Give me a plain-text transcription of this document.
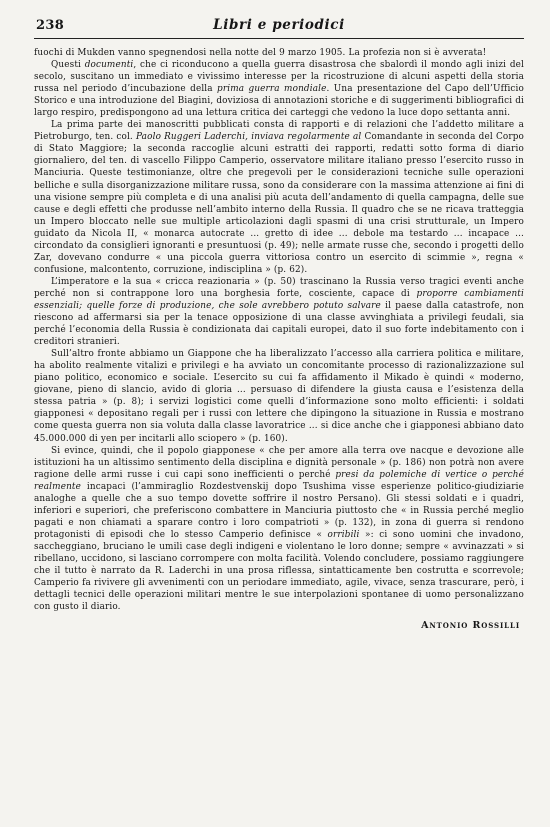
238	Libri e periodici

fuochi di Mukden vanno spegnendosi nella notte del 9 marzo 1905. La profezia non si è avverata!

Questi documenti, che ci riconducono a quella guerra disastrosa che sbalordì il mondo agli inizi del secolo, suscitano un immediato e vivissimo interesse per la ricostruzione di alcuni aspetti della storia russa nel periodo d’incubazione della prima guerra mondiale. Una presentazione del Capo dell’Ufficio Storico e una introduzione del Biagini, doviziosa di annotazioni storiche e di suggerimenti bibliografici di largo respiro, predispongono ad una lettura critica dei carteggi che vedono la luce dopo settanta anni.

La prima parte dei manoscritti pubblicati consta di rapporti e di relazioni che l’addetto militare a Pietroburgo, ten. col. Paolo Ruggeri Laderchi, inviava regolarmente al Comandante in seconda del Corpo di Stato Maggiore; la seconda raccoglie alcuni estratti dei rapporti, redatti sotto forma di diario giornaliero, del ten. di vascello Filippo Camperio, osservatore militare italiano presso l’esercito russo in Manciuria. Queste testimonianze, oltre che pregevoli per le considerazioni tecniche sulle operazioni belliche e sulla disorganizzazione militare russa, sono da considerare con la massima attenzione ai fini di una visione sempre più completa e di una analisi più acuta dell’andamento di quella campagna, delle sue cause e degli effetti che produsse nell’ambito interno della Russia. Il quadro che se ne ricava tratteggia un Impero bloccato nelle sue multiple articolazioni dagli spasmi di una crisi strutturale, un Impero guidato da Nicola II, « monarca autocrate ... gretto di idee ... debole ma testardo ... incapace ... circondato da consiglieri ignoranti e presuntuosi (p. 49); nelle armate russe che, secondo i progetti dello Zar, dovevano condurre « una piccola guerra vittoriosa contro un esercito di scimmie », regna « confusione, malcontento, corruzione, indisciplina » (p. 62).

L’imperatore e la sua « cricca reazionaria » (p. 50) trascinano la Russia verso tragici eventi anche perché non si contrappone loro una borghesia forte, cosciente, capace di proporre cambiamenti essenziali; quelle forze di produzione, che sole avrebbero potuto salvare il paese dalla catastrofe, non riescono ad affermarsi sia per la tenace opposizione di una classe avvinghiata a privilegi feudali, sia perché l’economia della Russia è condizionata dai capitali europei, dato il suo forte indebitamento con i creditori stranieri.

Sull’altro fronte abbiamo un Giappone che ha liberalizzato l’accesso alla carriera politica e militare, ha abolito realmente vitalizi e privilegi e ha avviato un concomitante processo di razionalizzazione sul piano politico, economico e sociale. L’esercito su cui fa affidamento il Mikado è quindi « moderno, giovane, pieno di slancio, avido di gloria ... persuaso di difendere la giusta causa e l’esistenza della stessa patria » (p. 8); i servizi logistici come quelli d’informazione sono molto efficienti: i soldati giapponesi « depositano regali per i russi con lettere che dipingono la situazione in Russia e mostrano come questa guerra non sia voluta dalla classe lavoratrice ... si dice anche che i giapponesi abbiano dato 45.000.000 di yen per incitarli allo sciopero » (p. 160).

Si evince, quindi, che il popolo giapponese « che per amore alla terra ove nacque e devozione alle istituzioni ha un altissimo sentimento della disciplina e dignità personale » (p. 186) non potrà non avere ragione delle armi russe i cui capi sono inefficienti o perché presi da polemiche di vertice o perché realmente incapaci (l’ammiraglio Rozdestvenskij dopo Tsushima visse esperienze politico-giudiziarie analoghe a quelle che a suo tempo dovette soffrire il nostro Persano). Gli stessi soldati e i quadri, inferiori e superiori, che preferiscono combattere in Manciuria piuttosto che « in Russia perché meglio pagati e non chiamati a sparare contro i loro compatrioti » (p. 132), in zona di guerra si rendono protagonisti di episodi che lo stesso Camperio definisce « orribili »: ci sono uomini che invadono, saccheggiano, bruciano le umili case degli indigeni e violentano le loro donne; sempre « avvinazzati » si ribellano, uccidono, si lasciano corrompere con molta facilità. Volendo concludere, possiamo raggiungere che il tutto è narrato da R. Laderchi in una prosa riflessa, sintatticamente ben costrutta e scorrevole; Camperio fa rivivere gli avvenimenti con un periodare immediato, agile, vivace, senza trascurare, però, i dettagli tecnici delle operazioni militari mentre le sue interpolazioni spontanee di uomo personalizzano con gusto il diario.

Antonio Rossilli
